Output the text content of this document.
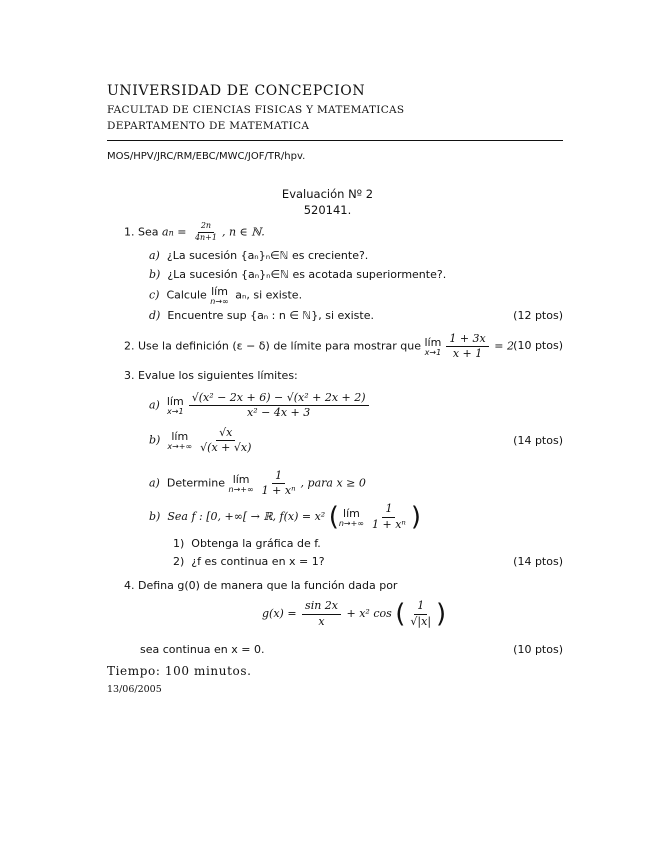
UNIVERSIDAD DE CONCEPCION
FACULTAD DE CIENCIAS FISICAS Y MATEMATICAS
DEPARTAMENTO DE MATEMATICA
MOS/HPV/JRC/RM/EBC/MWC/JOF/TR/hpv.
Evaluación Nº 2
520141.
1. Sea an = $\frac{2n}{4n+1}$ , n ∈ ℕ.
a) ¿La sucesión {aₙ}ₙ∈ℕ es creciente?.
b) ¿La sucesión {aₙ}ₙ∈ℕ es acotada superiormente?.
c) Calcule lím
n→∞ aₙ, si existe.
d) Encuentre sup {aₙ : n ∈ ℕ}, si existe.	(12 ptos)
2. Use la definición (ε − δ) de límite para mostrar que lím
$x\to 1 \frac{1 + 3x}{x + 1} = 2$ (10 ptos)
3. Evalue los siguientes límites:
a) lím
$x\to 1 \frac{\text{√(x² − 2x + 6) − √(x² + 2x + 2)}}{\text{x² − 4x + 3}}$
b) lím
$x\to+\infty \frac{√x}{√(x + √x)}$	(14 ptos)
a) Determine lím
$n\to+\infty \frac{1}{\text{1 + xⁿ}}$ , para x ≥ 0
b) Sea f : [0, +∞[ → ℝ, f(x) = x² ( lím
$n\to+\infty \frac{1}{\text{1 + xⁿ}}$ )
1) Obtenga la gráfica de f.
2) ¿f es continua en x = 1?	(14 ptos)
4. Defina g(0) de manera que la función dada por
$g(x) = \frac{\sin 2x}{x} + x^2$ cos ( $\frac{1}{√|x|}$ )
sea continua en x = 0.	(10 ptos)
Tiempo: 100 minutos.
13/06/2005
